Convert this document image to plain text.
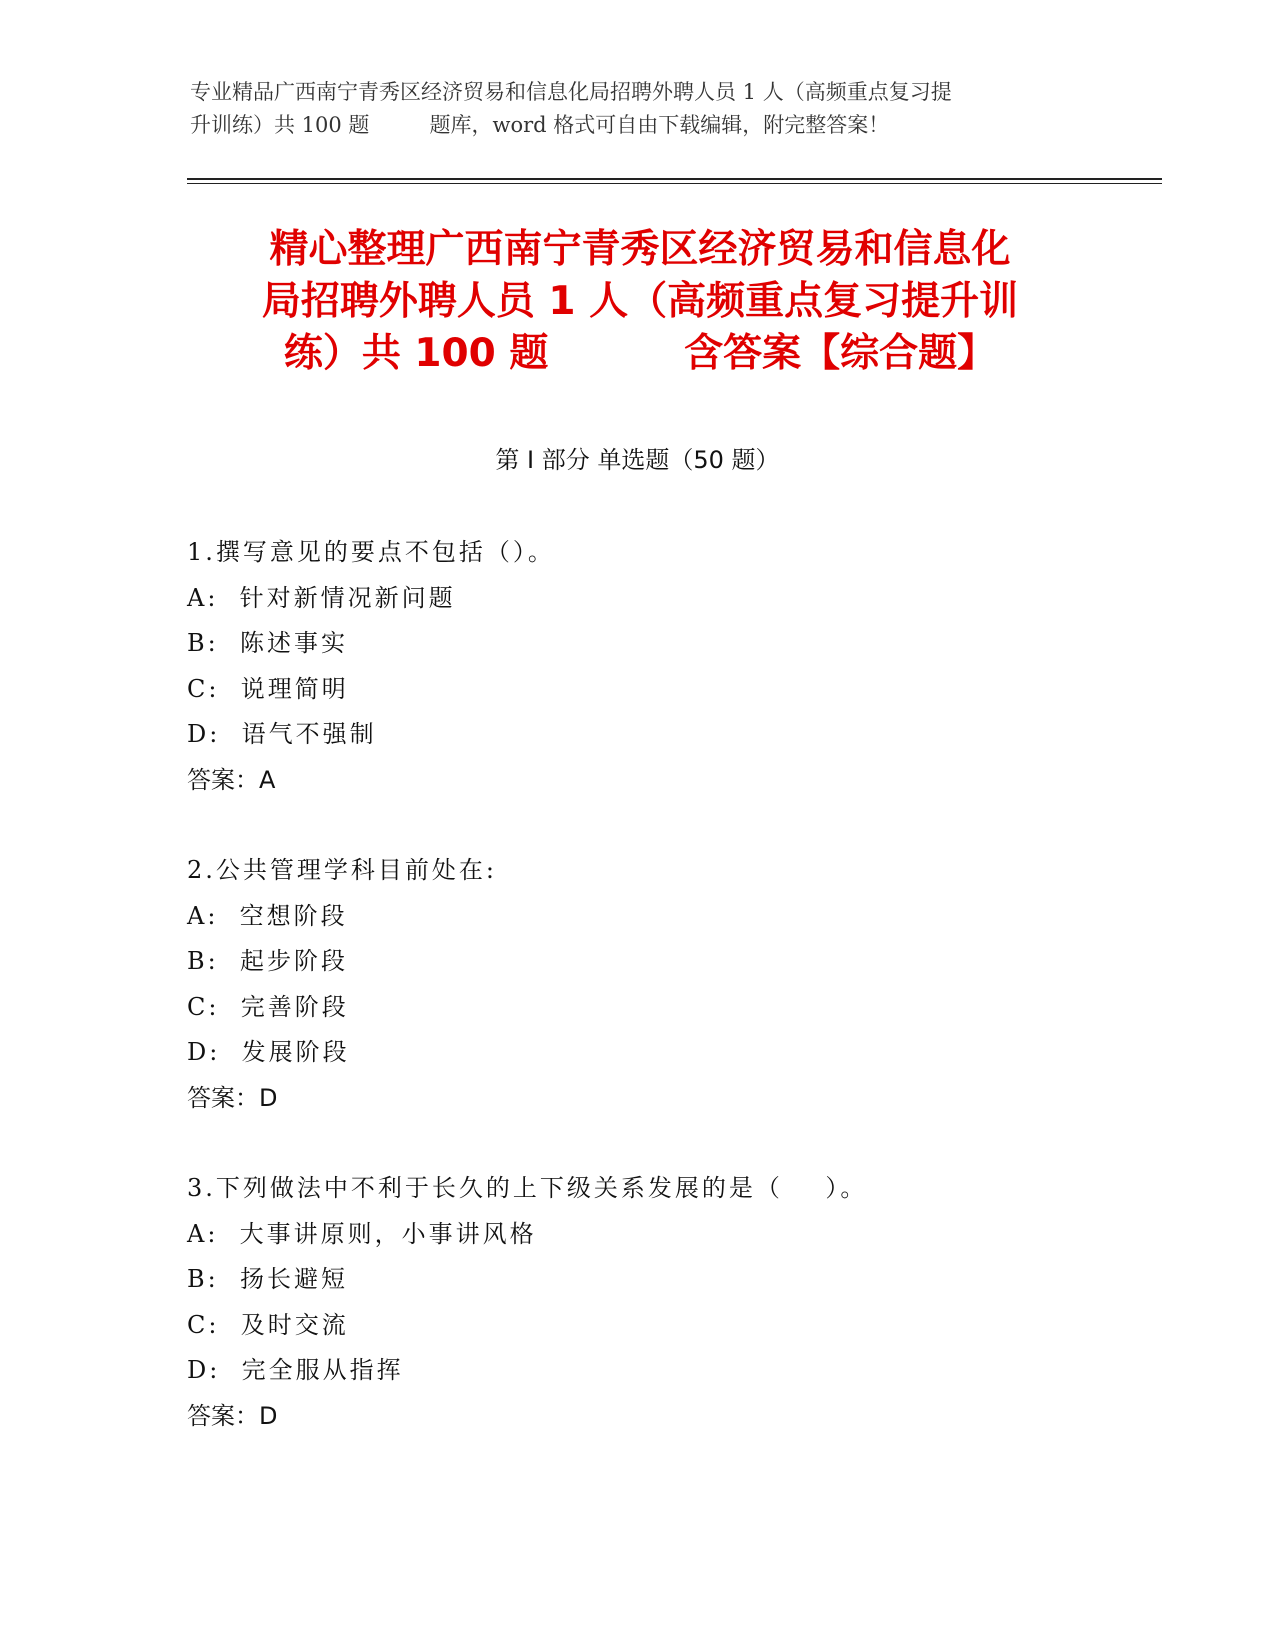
专业精品广西南宁青秀区经济贸易和信息化局招聘外聘人员 1 人（高频重点复习提
升训练）共 100 题         题库，word 格式可自由下载编辑，附完整答案！
精心整理广西南宁青秀区经济贸易和信息化
局招聘外聘人员 1 人（高频重点复习提升训
练）共 100 题          含答案【综合题】
第 I 部分 单选题（50 题）
1.撰写意见的要点不包括（）。
A:  针对新情况新问题
B:  陈述事实
C:  说理简明
D:  语气不强制
答案：A
2.公共管理学科目前处在:
A:  空想阶段
B:  起步阶段
C:  完善阶段
D:  发展阶段
答案：D
3.下列做法中不利于长久的上下级关系发展的是（    ）。
A:  大事讲原则，小事讲风格
B:  扬长避短
C:  及时交流
D:  完全服从指挥
答案：D
